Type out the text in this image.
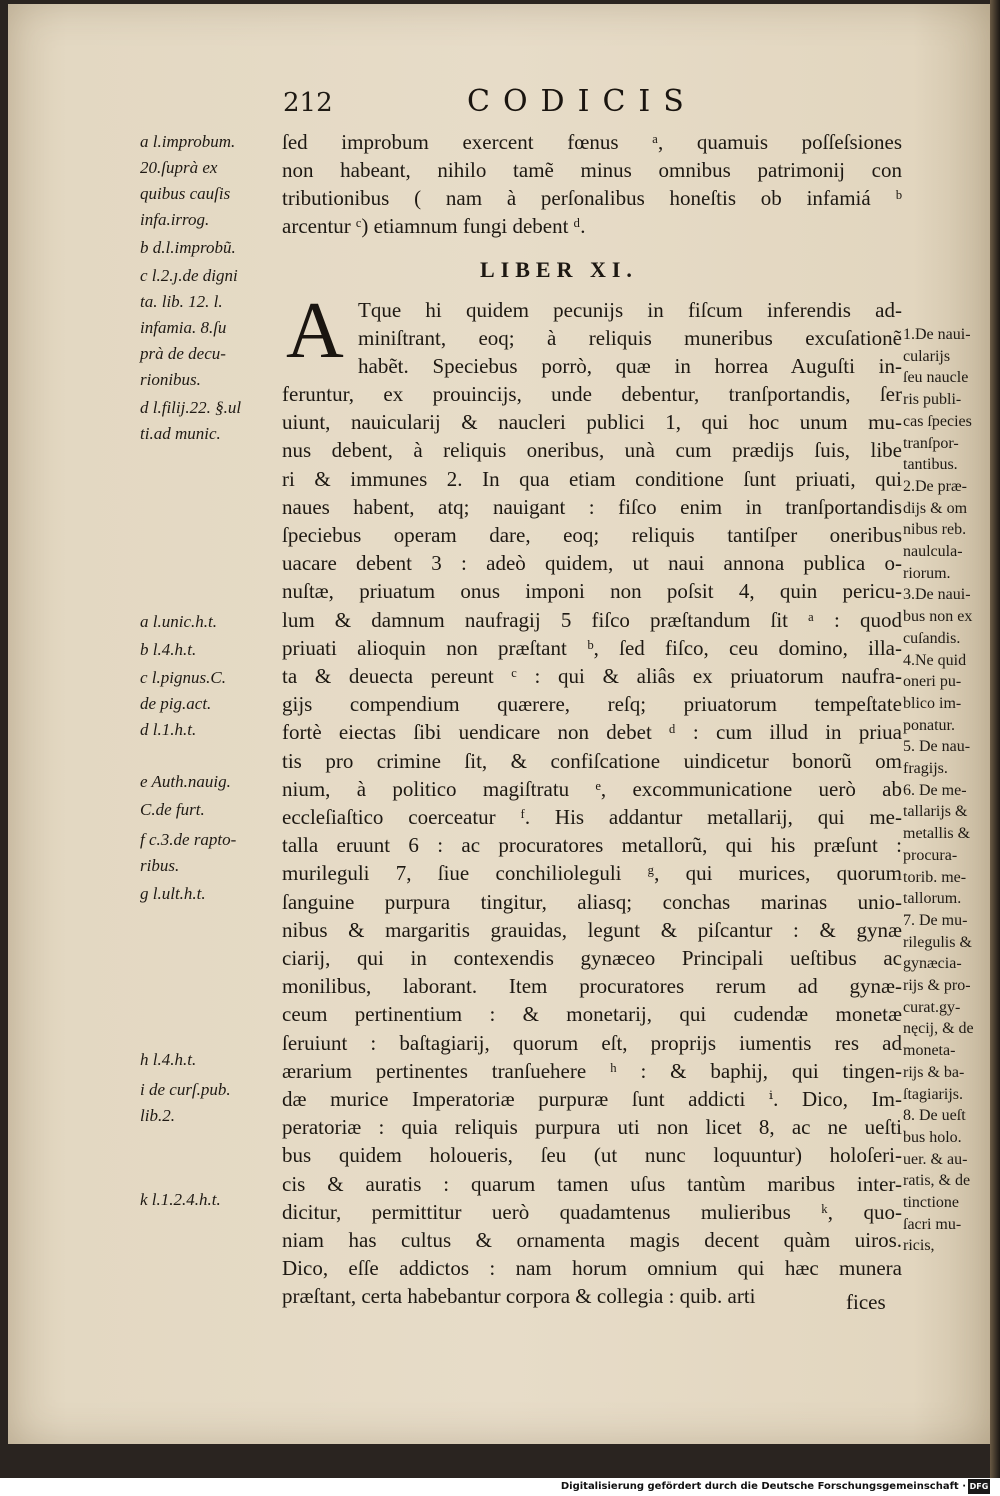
212	CODICIS
ſed improbum exercent fœnus ᵃ, quamuis poſſeſsiones
non habeant, nihilo tamẽ minus omnibus patrimonij con
tributionibus ( nam à perſonalibus honeſtis ob infamiá ᵇ
arcentur ᶜ) etiamnum fungi debent ᵈ.
LIBER XI.
A Tque hi quidem pecunijs in fiſcum inferendis ad-
miniſtrant, eoq; à reliquis muneribus excuſationẽ
habẽt. Speciebus porrò, quæ in horrea Auguſti in-
feruntur, ex prouincijs, unde debentur, tranſportandis, ſer
uiunt, nauicularij & naucleri publici 1, qui hoc unum mu-
nus debent, à reliquis oneribus, unà cum prædijs ſuis, libe
ri & immunes 2. In qua etiam conditione ſunt priuati, qui
naues habent, atq; nauigant : fiſco enim in tranſportandis
ſpeciebus operam dare, eoq; reliquis tantiſper oneribus
uacare debent 3 : adeò quidem, ut naui annona publica o-
nuſtæ, priuatum onus imponi non poſsit 4, quin pericu-
lum & damnum naufragij 5 fiſco præſtandum ſit ᵃ : quod
priuati alioquin non præſtant ᵇ, ſed fiſco, ceu domino, illa-
ta & deuecta pereunt ᶜ : qui & aliâs ex priuatorum naufra-
gijs compendium quærere, reſq; priuatorum tempeſtate
fortè eiectas ſibi uendicare non debet ᵈ : cum illud in priua
tis pro crimine ſit, & confiſcatione uindicetur bonorũ om
nium, à politico magiſtratu ᵉ, excommunicatione uerò ab
eccleſiaſtico coerceatur ᶠ. His addantur metallarij, qui me-
talla eruunt 6 : ac procuratores metallorũ, qui his præſunt :
murileguli 7, ſiue conchilioleguli ᵍ, qui murices, quorum
ſanguine purpura tingitur, aliasq; conchas marinas unio-
nibus & margaritis grauidas, legunt & piſcantur : & gynæ
ciarij, qui in contexendis gynæceo Principali ueſtibus ac
monilibus, laborant. Item procuratores rerum ad gynæ-
ceum pertinentium : & monetarij, qui cudendæ monetæ
ſeruiunt : baſtagiarij, quorum eſt, proprijs iumentis res ad
ærarium pertinentes tranſuehere ʰ : & baphij, qui tingen-
dæ murice Imperatoriæ purpuræ ſunt addicti ⁱ. Dico, Im-
peratoriæ : quia reliquis purpura uti non licet 8, ac ne ueſti
bus quidem holoueris, ſeu (ut nunc loquuntur) holoſeri-
cis & auratis : quarum tamen uſus tantùm maribus inter-
dicitur, permittitur uerò quadamtenus mulieribus ᵏ, quo-
niam has cultus & ornamenta magis decent quàm uiros.
Dico, eſſe addictos : nam horum omnium qui hæc munera
præſtant, certa habebantur corpora & collegia : quib. arti	fices
a l.improbum.
20.ſuprà ex
quibus cauſis
infa.irrog.
b d.l.improbũ.
c l.2.ȷ.de digni
ta. lib. 12. l.
infamia. 8.ſu
prà de decu-
rionibus.
d l.filij.22. §.ul
ti.ad munic.
a l.unic.h.t.
b l.4.h.t.
c l.pignus.C.
de pig.act.
d l.1.h.t.
e Auth.nauig.
C.de furt.
f c.3.de rapto-
ribus.
g l.ult.h.t.
h l.4.h.t.
i de curſ.pub.
lib.2.
k l.1.2.4.h.t.
1.De naui-
cularijs
ſeu naucle
ris publi-
cas ſpecies
tranſpor-
tantibus.
2.De præ-
dijs & om
nibus reb.
naulcula-
riorum.
3.De naui-
bus non ex
cuſandis.
4.Ne quid
oneri pu-
blico im-
ponatur.
5. De nau-
fragijs.
6. De me-
tallarijs &
metallis &
procura-
torib. me-
tallorum.
7. De mu-
rilegulis &
gynæcia-
rijs & pro-
curat.gy-
nęcij, & de
moneta-
rijs & ba-
ſtagiarijs.
8. De ueſt
bus holo.
uer. & au-
ratis, & de
tinctione
ſacri mu-
ricis,
Digitalisierung gefördert durch die Deutsche Forschungsgemeinschaft · DFG
